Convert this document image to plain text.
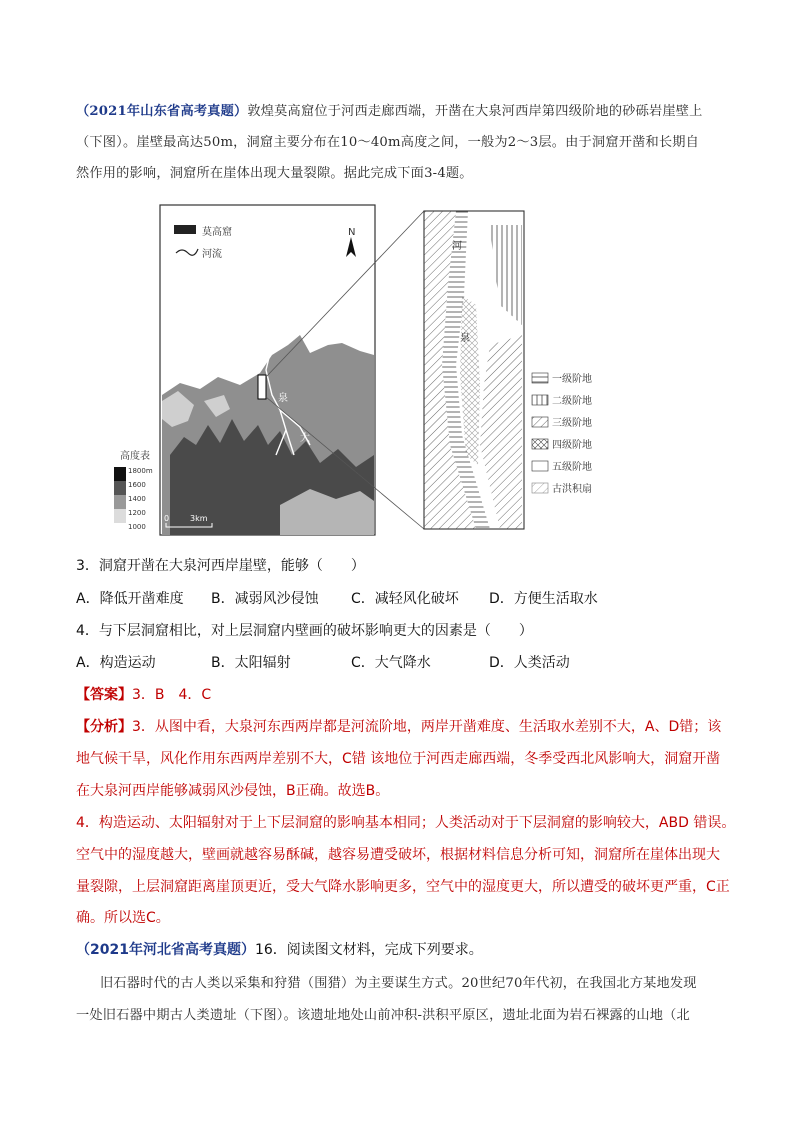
（2021年山东省高考真题）敦煌莫高窟位于河西走廊西端，开凿在大泉河西岸第四级阶地的砂砾岩崖壁上
（下图）。崖壁最高达50m，洞窟主要分布在10～40m高度之间，一般为2～3层。由于洞窟开凿和长期自
然作用的影响，洞窟所在崖体出现大量裂隙。据此完成下面3-4题。
莫高窟
河流
N
河
泉
大
高度表
1800m
1600
1400
1200
1000
0	3km
河
泉
一级阶地
二级阶地
三级阶地
四级阶地
五级阶地
古洪积扇
3．洞窟开凿在大泉河西岸崖壁，能够（　　）
A．降低开凿难度	B．减弱风沙侵蚀	C．减轻风化破坏	D．方便生活取水
4．与下层洞窟相比，对上层洞窟内壁画的破坏影响更大的因素是（　　）
A．构造运动	B．太阳辐射	C．大气降水	D．人类活动
【答案】3．B　4．C
【分析】3．从图中看，大泉河东西两岸都是河流阶地，两岸开凿难度、生活取水差别不大，A、D错；该
地气候干旱，风化作用东西两岸差别不大，C错 该地位于河西走廊西端，冬季受西北风影响大，洞窟开凿
在大泉河西岸能够减弱风沙侵蚀，B正确。故选B。
4．构造运动、太阳辐射对于上下层洞窟的影响基本相同；人类活动对于下层洞窟的影响较大，ABD 错误。
空气中的湿度越大，壁画就越容易酥碱，越容易遭受破坏，根据材料信息分析可知，洞窟所在崖体出现大
量裂隙，上层洞窟距离崖顶更近，受大气降水影响更多，空气中的湿度更大，所以遭受的破坏更严重，C正
确。所以选C。
（2021年河北省高考真题）16．阅读图文材料，完成下列要求。
旧石器时代的古人类以采集和狩猎（围猎）为主要谋生方式。20世纪70年代初，在我国北方某地发现
一处旧石器中期古人类遗址（下图）。该遗址地处山前冲积-洪积平原区，遗址北面为岩石裸露的山地（北
